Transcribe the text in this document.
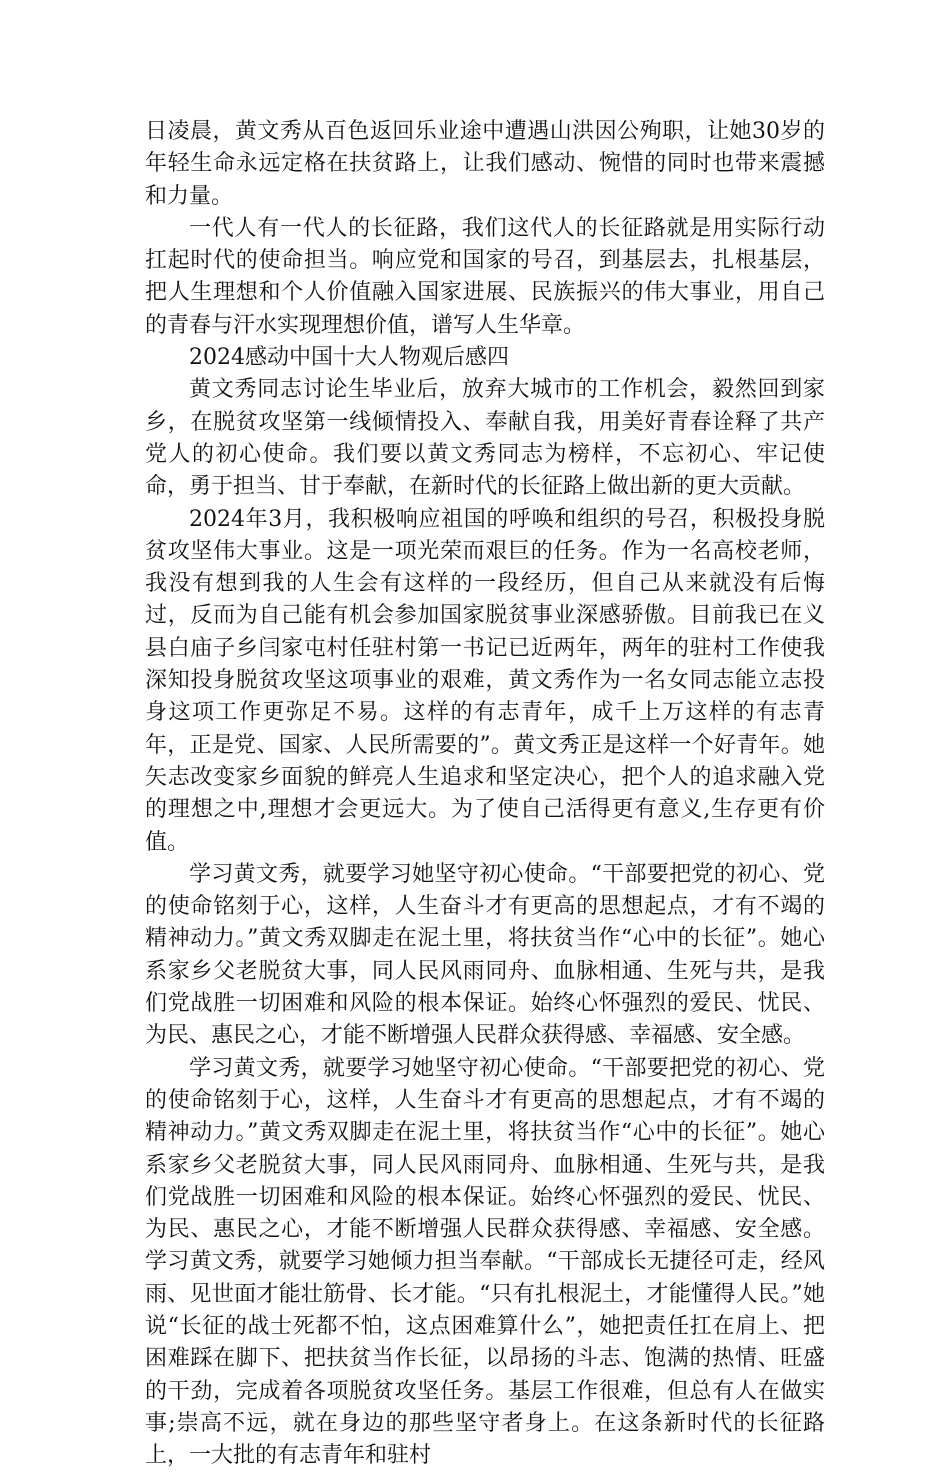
日凌晨，黄文秀从百色返回乐业途中遭遇山洪因公殉职，让她30岁的年轻生命永远定格在扶贫路上，让我们感动、惋惜的同时也带来震撼和力量。

一代人有一代人的长征路，我们这代人的长征路就是用实际行动扛起时代的使命担当。响应党和国家的号召，到基层去，扎根基层，把人生理想和个人价值融入国家进展、民族振兴的伟大事业，用自己的青春与汗水实现理想价值，谱写人生华章。

2024感动中国十大人物观后感四

黄文秀同志讨论生毕业后，放弃大城市的工作机会，毅然回到家乡，在脱贫攻坚第一线倾情投入、奉献自我，用美好青春诠释了共产党人的初心使命。我们要以黄文秀同志为榜样，不忘初心、牢记使命，勇于担当、甘于奉献，在新时代的长征路上做出新的更大贡献。

2024年3月，我积极响应祖国的呼唤和组织的号召，积极投身脱贫攻坚伟大事业。这是一项光荣而艰巨的任务。作为一名高校老师，我没有想到我的人生会有这样的一段经历，但自己从来就没有后悔过，反而为自己能有机会参加国家脱贫事业深感骄傲。目前我已在义县白庙子乡闫家屯村任驻村第一书记已近两年，两年的驻村工作使我深知投身脱贫攻坚这项事业的艰难，黄文秀作为一名女同志能立志投身这项工作更弥足不易。这样的有志青年，成千上万这样的有志青年，正是党、国家、人民所需要的”。黄文秀正是这样一个好青年。她矢志改变家乡面貌的鲜亮人生追求和坚定决心，把个人的追求融入党的理想之中,理想才会更远大。为了使自己活得更有意义,生存更有价值。

学习黄文秀，就要学习她坚守初心使命。“干部要把党的初心、党的使命铭刻于心，这样，人生奋斗才有更高的思想起点，才有不竭的精神动力。”黄文秀双脚走在泥土里，将扶贫当作“心中的长征”。她心系家乡父老脱贫大事，同人民风雨同舟、血脉相通、生死与共，是我们党战胜一切困难和风险的根本保证。始终心怀强烈的爱民、忧民、为民、惠民之心，才能不断增强人民群众获得感、幸福感、安全感。

学习黄文秀，就要学习她坚守初心使命。“干部要把党的初心、党的使命铭刻于心，这样，人生奋斗才有更高的思想起点，才有不竭的精神动力。”黄文秀双脚走在泥土里，将扶贫当作“心中的长征”。她心系家乡父老脱贫大事，同人民风雨同舟、血脉相通、生死与共，是我们党战胜一切困难和风险的根本保证。始终心怀强烈的爱民、忧民、为民、惠民之心，才能不断增强人民群众获得感、幸福感、安全感。学习黄文秀，就要学习她倾力担当奉献。“干部成长无捷径可走，经风雨、见世面才能壮筋骨、长才能。“只有扎根泥土，才能懂得人民。”她说“长征的战士死都不怕，这点困难算什么”，她把责任扛在肩上、把困难踩在脚下、把扶贫当作长征，以昂扬的斗志、饱满的热情、旺盛的干劲，完成着各项脱贫攻坚任务。基层工作很难，但总有人在做实事;崇高不远，就在身边的那些坚守者身上。在这条新时代的长征路上，一大批的有志青年和驻村
